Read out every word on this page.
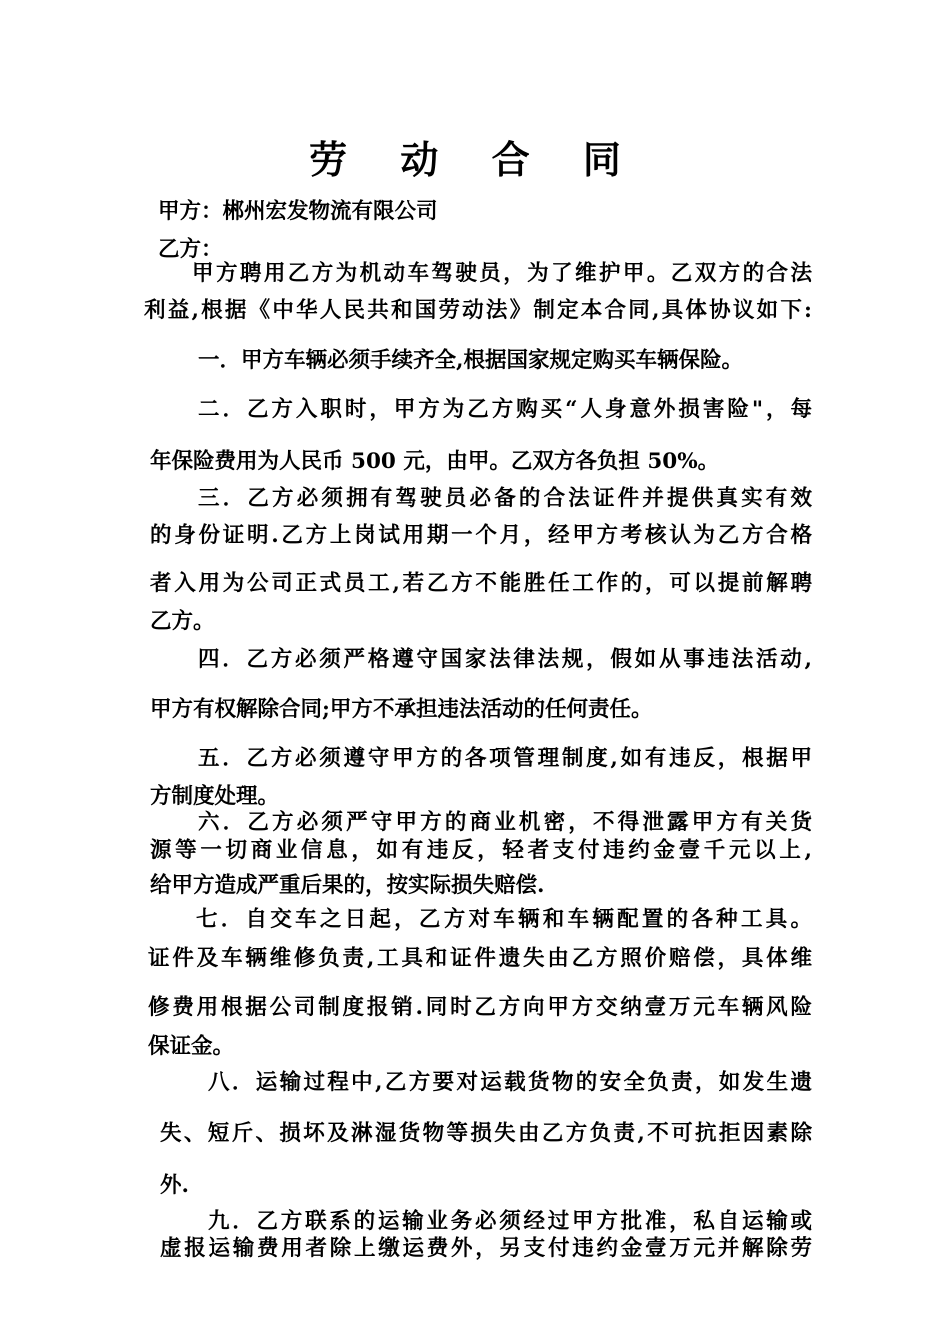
劳 动 合 同
甲方：郴州宏发物流有限公司
乙方：
甲方聘用乙方为机动车驾驶员，为了维护甲。乙双方的合法
利益,根据《中华人民共和国劳动法》制定本合同,具体协议如下:
一．甲方车辆必须手续齐全,根据国家规定购买车辆保险。
二．乙方入职时，甲方为乙方购买“人身意外损害险"，每
年保险费用为人民币 500 元，由甲。乙双方各负担 50%。
三．乙方必须拥有驾驶员必备的合法证件并提供真实有效
的身份证明.乙方上岗试用期一个月，经甲方考核认为乙方合格
者入用为公司正式员工,若乙方不能胜任工作的，可以提前解聘
乙方。
四．乙方必须严格遵守国家法律法规，假如从事违法活动,
甲方有权解除合同;甲方不承担违法活动的任何责任。
五．乙方必须遵守甲方的各项管理制度,如有违反，根据甲
方制度处理。
六．乙方必须严守甲方的商业机密，不得泄露甲方有关货
源等一切商业信息，如有违反，轻者支付违约金壹千元以上,
给甲方造成严重后果的，按实际损失赔偿.
七．自交车之日起，乙方对车辆和车辆配置的各种工具。
证件及车辆维修负责,工具和证件遗失由乙方照价赔偿，具体维
修费用根据公司制度报销.同时乙方向甲方交纳壹万元车辆风险
保证金。
八．运输过程中,乙方要对运载货物的安全负责，如发生遗
失、短斤、损坏及淋湿货物等损失由乙方负责,不可抗拒因素除
外.
九．乙方联系的运输业务必须经过甲方批准，私自运输或
虚报运输费用者除上缴运费外，另支付违约金壹万元并解除劳
